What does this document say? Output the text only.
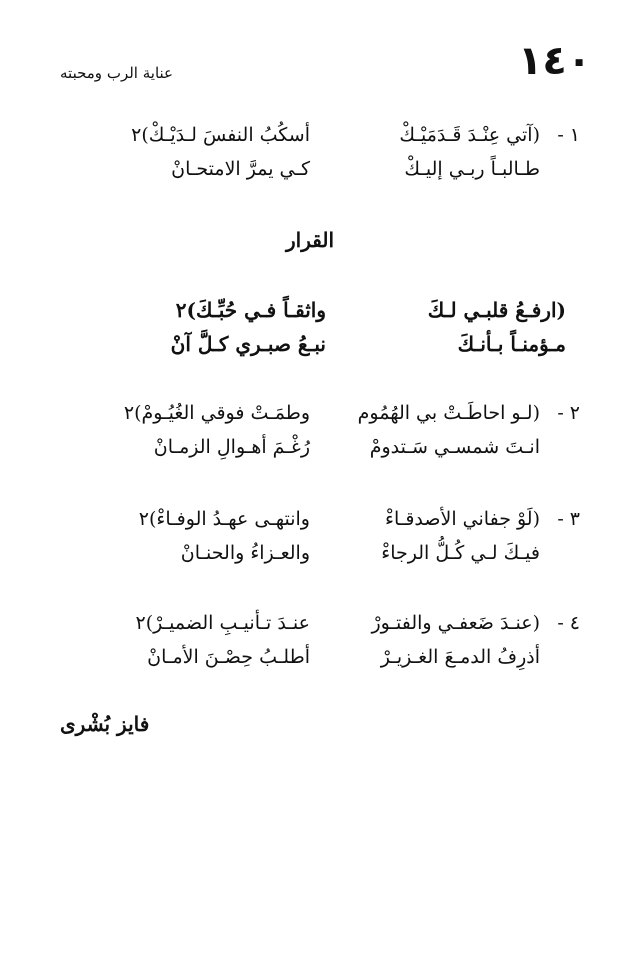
١٤٠
عناية الرب ومحبته
١ -
(آتي عِنْـدَ قَـدَمَيْـكْ
أسكُبُ النفسَ لـدَيْـكْ)٢
طـالبـاً ربـي إليـكْ
كـي يمرَّ الامتحـانْ
القرار
(ارفـعُ قلبـي لـكَ
واثقـاً فـي حُبِّـكَ)٢
مـؤمنـاً بـأنـكَ
نبـعُ صبـري كـلَّ آنْ
٢ -
(لـو احاطَـتْ بي الهُمُوم
وطمَـتْ فوقي الغُيُـومْ)٢
انـتَ شمسـي سَـتدومْ
رُغْـمَ أهـوالِ الزمـانْ
٣ -
(لَوْ جفاني الأصدقـاءْ
وانتهـى عهـدُ الوفـاءْ)٢
فيـكَ لـي كُـلُّ الرجاءْ
والعـزاءُ والحنـانْ
٤ -
(عنـدَ ضَعفـي والفتـورْ
عنـدَ تـأنيـبِ الضميـرْ)٢
أذرِفُ الدمـعَ الغـزيـرْ
أطلـبُ حِصْـنَ الأمـانْ
فايز بُشْرى
